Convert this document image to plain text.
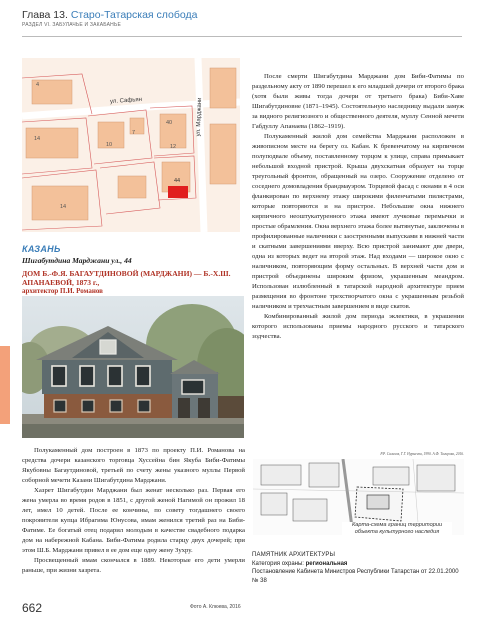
Глава 13. Старо-Татарская слобода
РАЗДЕЛ VI. ЗАБУЛАЧЬЕ И ЗАКАБАНЬЕ
ул. Сафьян	ул. Марджани
4
14
40
12
10
14
44
7
КАЗАНЬ
Шигабутдина Марджани ул., 44
ДОМ Б.-Ф.Я. БАГАУТДИНОВОЙ (МАРДЖАНИ) — Б.-Х.Ш. АПАНАЕВОЙ, 1873 г.,
архитектор П.И. Романов

Полукаменный дом построен в 1873 по проекту П.И. Романова на средства дочери казанского торговца Хуссейна бин Якуба Биби-Фатимы Якубовны Багаутдиновой, третьей по счету жены указного муллы Первой соборной мечети Казани Шигабутдина Марджани.

Хазрет Шигабутдин Марджани был женат несколько раз. Первая его жена умерла во время родов в 1851, с другой женой Нагимой он прожил 18 лет, имел 10 детей. После ее кончины, по совету тогдашнего своего покровителя купца Ибрагима Юнусова, имам женился третий раз на Биби-Фатиме. Ее богатый отец подарил молодым в качестве свадебного подарка дом на набережной Кабана. Биби-Фатима родила старцу двух дочерей; при этом Ш.Б. Марджани привел в ее дом еще одну жену Зухру.

Просвещенный имам скончался в 1889. Некоторые его дети умерли раньше, при жизни хазрета.

После смерти Шигабутдина Марджани дом Биби-Фатимы по раздельному акту от 1890 перешел к его младшей дочери от второго брака (хотя были живы тогда дочери от третьего брака) Биби-Хаве Шигабутдиновне (1871–1945). Состоятельную наследницу выдали замуж за видного религиозного и общественного деятеля, муллу Сенной мечети Габдуллу Апанаева (1862–1919).

Полукаменный жилой дом семейства Марджани расположен в живописном месте на берегу оз. Кабан. К бревенчатому на кирпичном полуподвале объему, поставленному торцом к улице, справа примыкает небольшой входной пристрой. Крыша двухскатная образует на торце треугольный фронтон, обращенный на озеро. Сооружение отделено от соседнего домовладения брандмауэром. Торцевой фасад с окнами в 4 оси фланкирован по верхнему этажу широкими филенчатыми пилястрами, которые повторяются и на пристрое. Небольшие окна нижнего кирпичного неоштукатуренного этажа имеют лучковые перемычки и простые обрамления. Окна верхнего этажа более вытянутые, заключены в профилированные наличники с заостренными выпусками в нижней части и скатными завершениями вверху. Всю пристрой занимают две двери, одна из которых ведет на второй этаж. Над входами — широкое окно с наличником, повторяющим форму остальных. В верхней части дом и пристрой объединены широким фризом, украшенным меандром. Использован излюбленный в татарской народной архитектуре прием размещения во фронтоне трехстворчатого окна с украшенным резьбой наличником и трехчастным завершением в виде скатов.

Комбинированный жилой дом периода эклектики, в украшении которого использованы приемы народного русского и татарского зодчества.

Р.Р. Салихов, Г.Г. Нурмеева, 1990. А.Ф. Тагирова, 2016.
Карта-схема границ территории объекта культурного наследия
ПАМЯТНИК АРХИТЕКТУРЫ
Категория охраны: региональная
Постановление Кабинета Министров Республики Татарстан от 22.01.2000 № 38
662	Фото А. Клюева, 2016
